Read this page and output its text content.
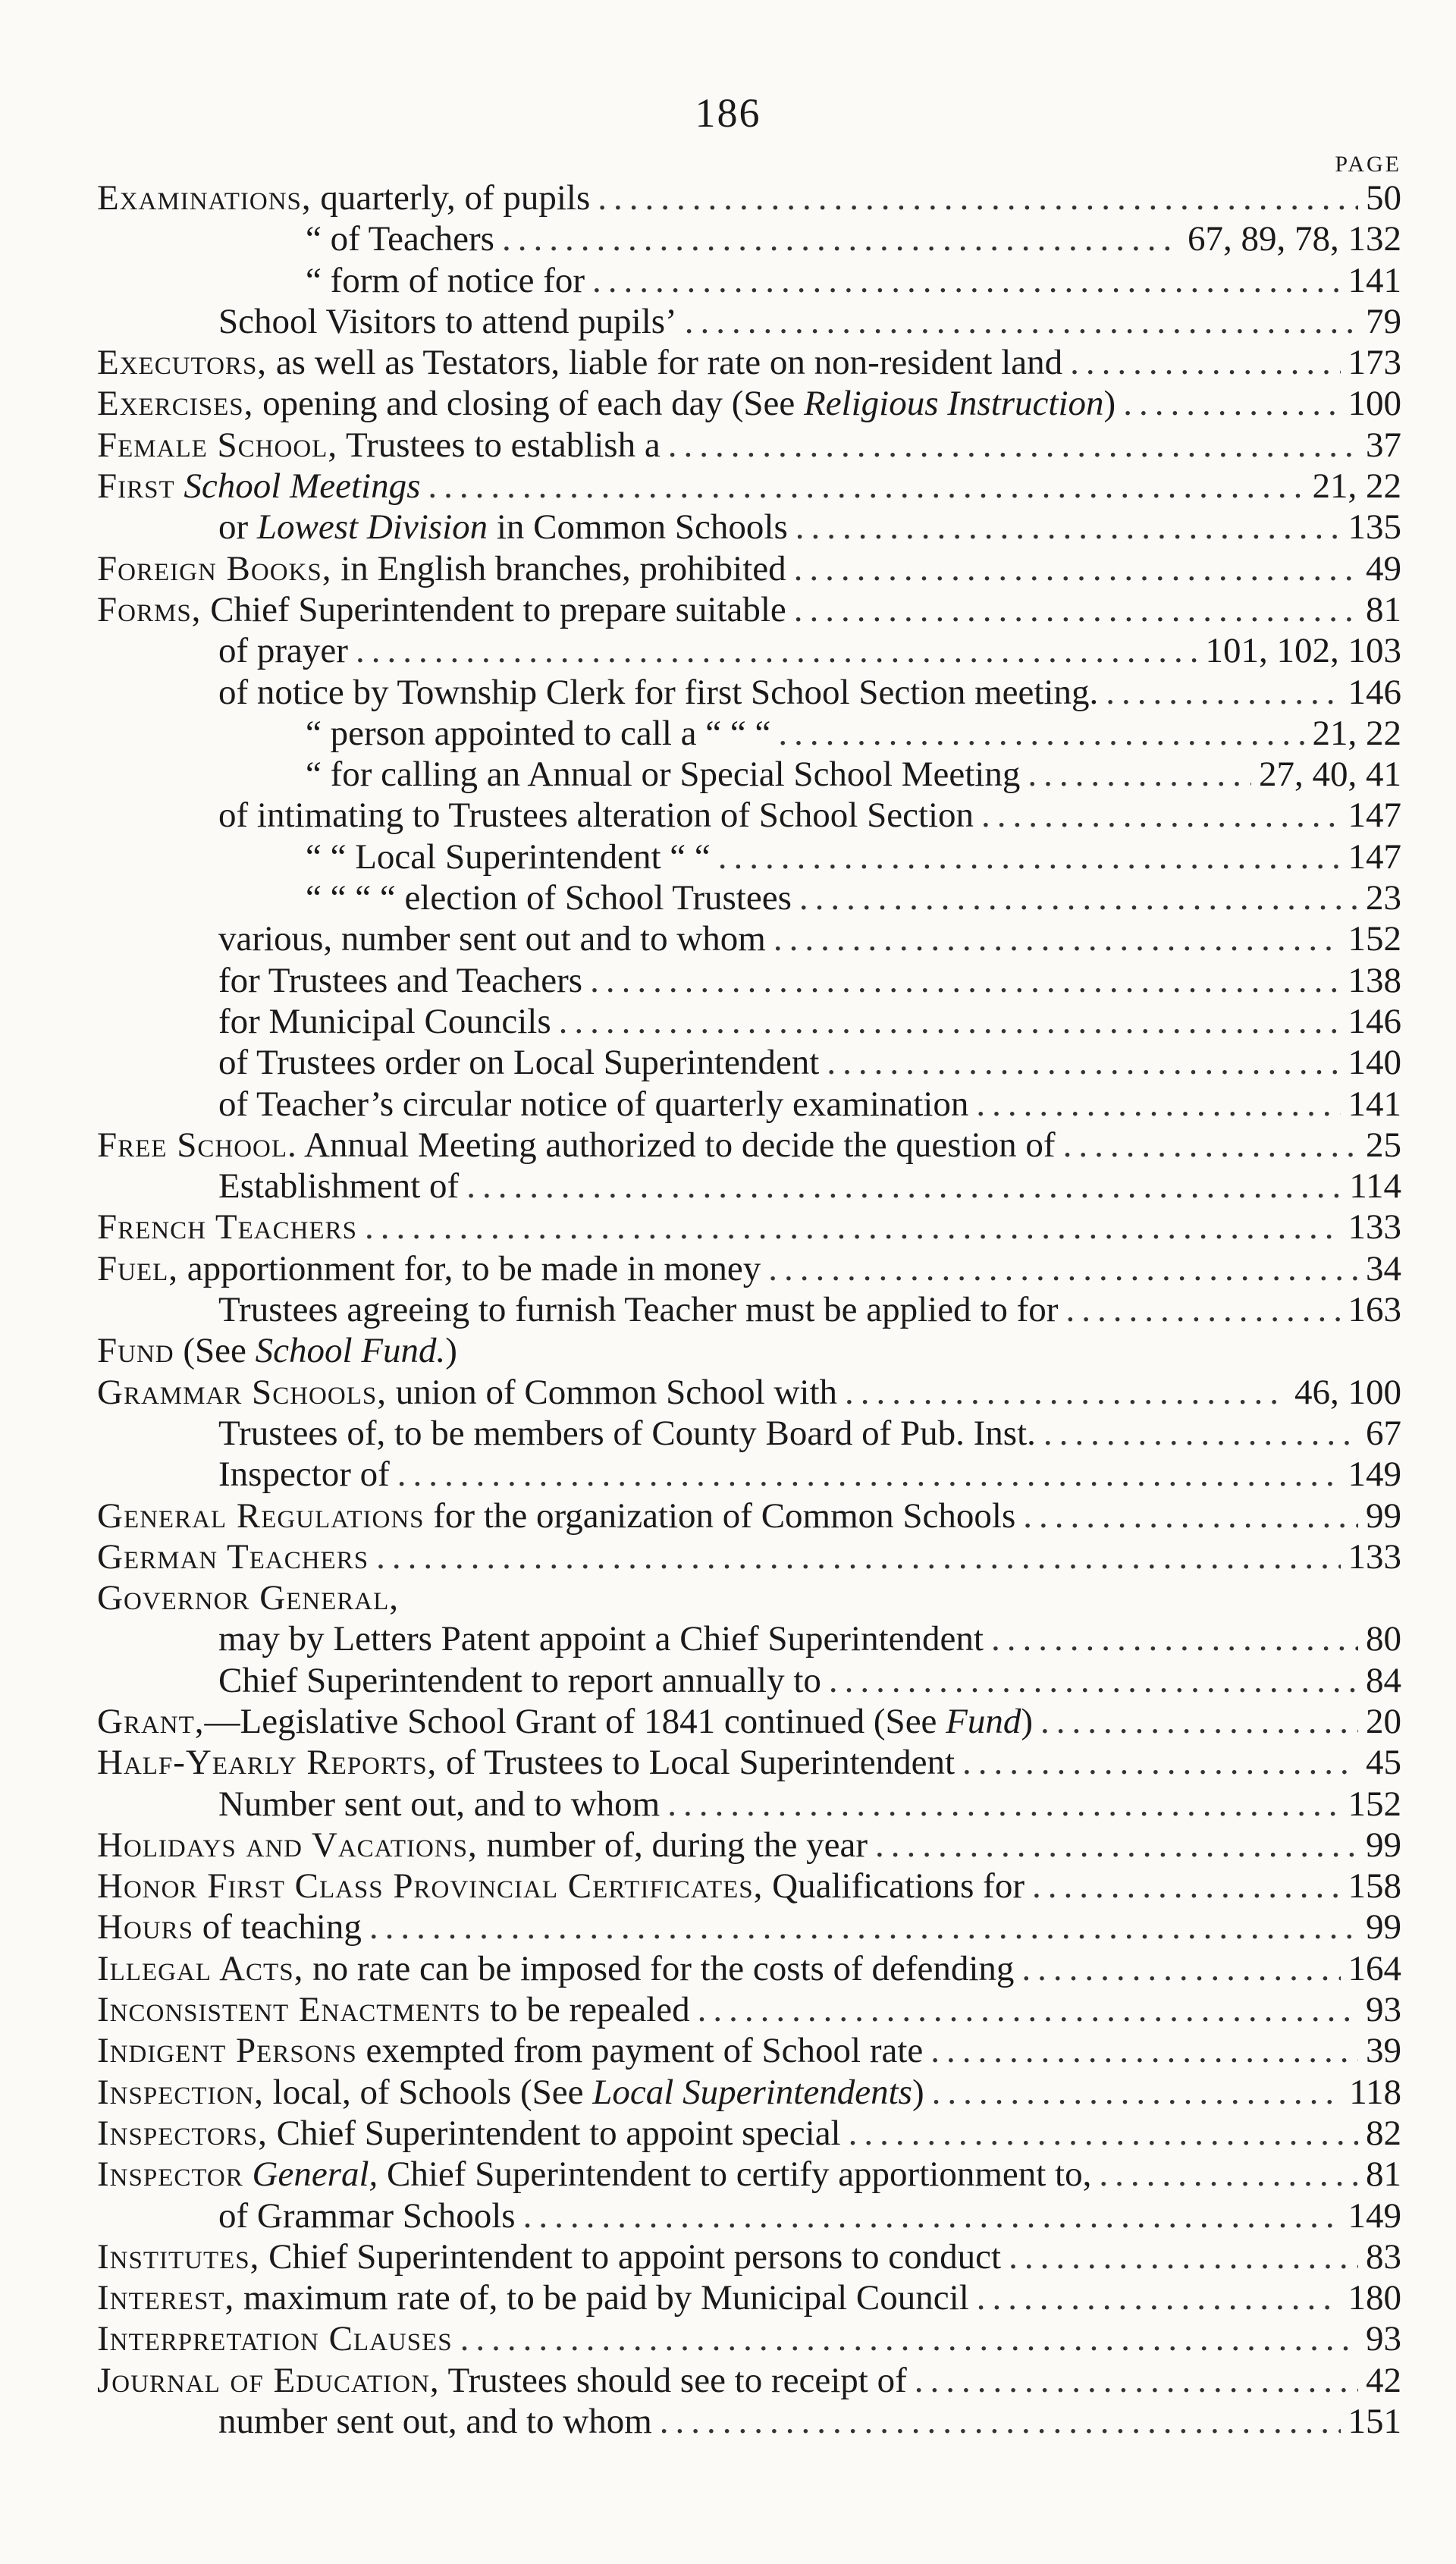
186
PAGE
Examinations, quarterly, of pupils .....	50
“ of Teachers .....	67, 89, 78, 132
“ form of notice for .....	141
School Visitors to attend pupils’ .....	79
Executors, as well as Testators, liable for rate on non-resident land .....	173
Exercises, opening and closing of each day (See Religious Instruction) .....	100
Female School, Trustees to establish a .....	37
First School Meetings .....	21, 22
or Lowest Division in Common Schools .....	135
Foreign Books, in English branches, prohibited .....	49
Forms, Chief Superintendent to prepare suitable .....	81
of prayer .....	101, 102, 103
of notice by Township Clerk for first School Section meeting. .....	146
“ person appointed to call a “ “ “ .....	21, 22
“ for calling an Annual or Special School Meeting .....	27, 40, 41
of intimating to Trustees alteration of School Section .....	147
“ “ Local Superintendent “ “ .....	147
“ “ “ “ election of School Trustees .....	23
various, number sent out and to whom .....	152
for Trustees and Teachers .....	138
for Municipal Councils .....	146
of Trustees order on Local Superintendent .....	140
of Teacher’s circular notice of quarterly examination .....	141
Free School. Annual Meeting authorized to decide the question of .....	25
Establishment of .....	114
French Teachers .....	133
Fuel, apportionment for, to be made in money .....	34
Trustees agreeing to furnish Teacher must be applied to for .....	163
Fund (See School Fund.)
Grammar Schools, union of Common School with .....	46, 100
Trustees of, to be members of County Board of Pub. Inst. .....	67
Inspector of .....	149
General Regulations for the organization of Common Schools .....	99
German Teachers .....	133
Governor General,
may by Letters Patent appoint a Chief Superintendent .....	80
Chief Superintendent to report annually to .....	84
Grant,—Legislative School Grant of 1841 continued (See Fund) .....	20
Half-Yearly Reports, of Trustees to Local Superintendent .....	45
Number sent out, and to whom .....	152
Holidays and Vacations, number of, during the year .....	99
Honor First Class Provincial Certificates, Qualifications for .....	158
Hours of teaching .....	99
Illegal Acts, no rate can be imposed for the costs of defending .....	164
Inconsistent Enactments to be repealed .....	93
Indigent Persons exempted from payment of School rate .....	39
Inspection, local, of Schools (See Local Superintendents) .....	118
Inspectors, Chief Superintendent to appoint special .....	82
Inspector General, Chief Superintendent to certify apportionment to, .....	81
of Grammar Schools .....	149
Institutes, Chief Superintendent to appoint persons to conduct .....	83
Interest, maximum rate of, to be paid by Municipal Council .....	180
Interpretation Clauses .....	93
Journal of Education, Trustees should see to receipt of .....	42
number sent out, and to whom .....	151
